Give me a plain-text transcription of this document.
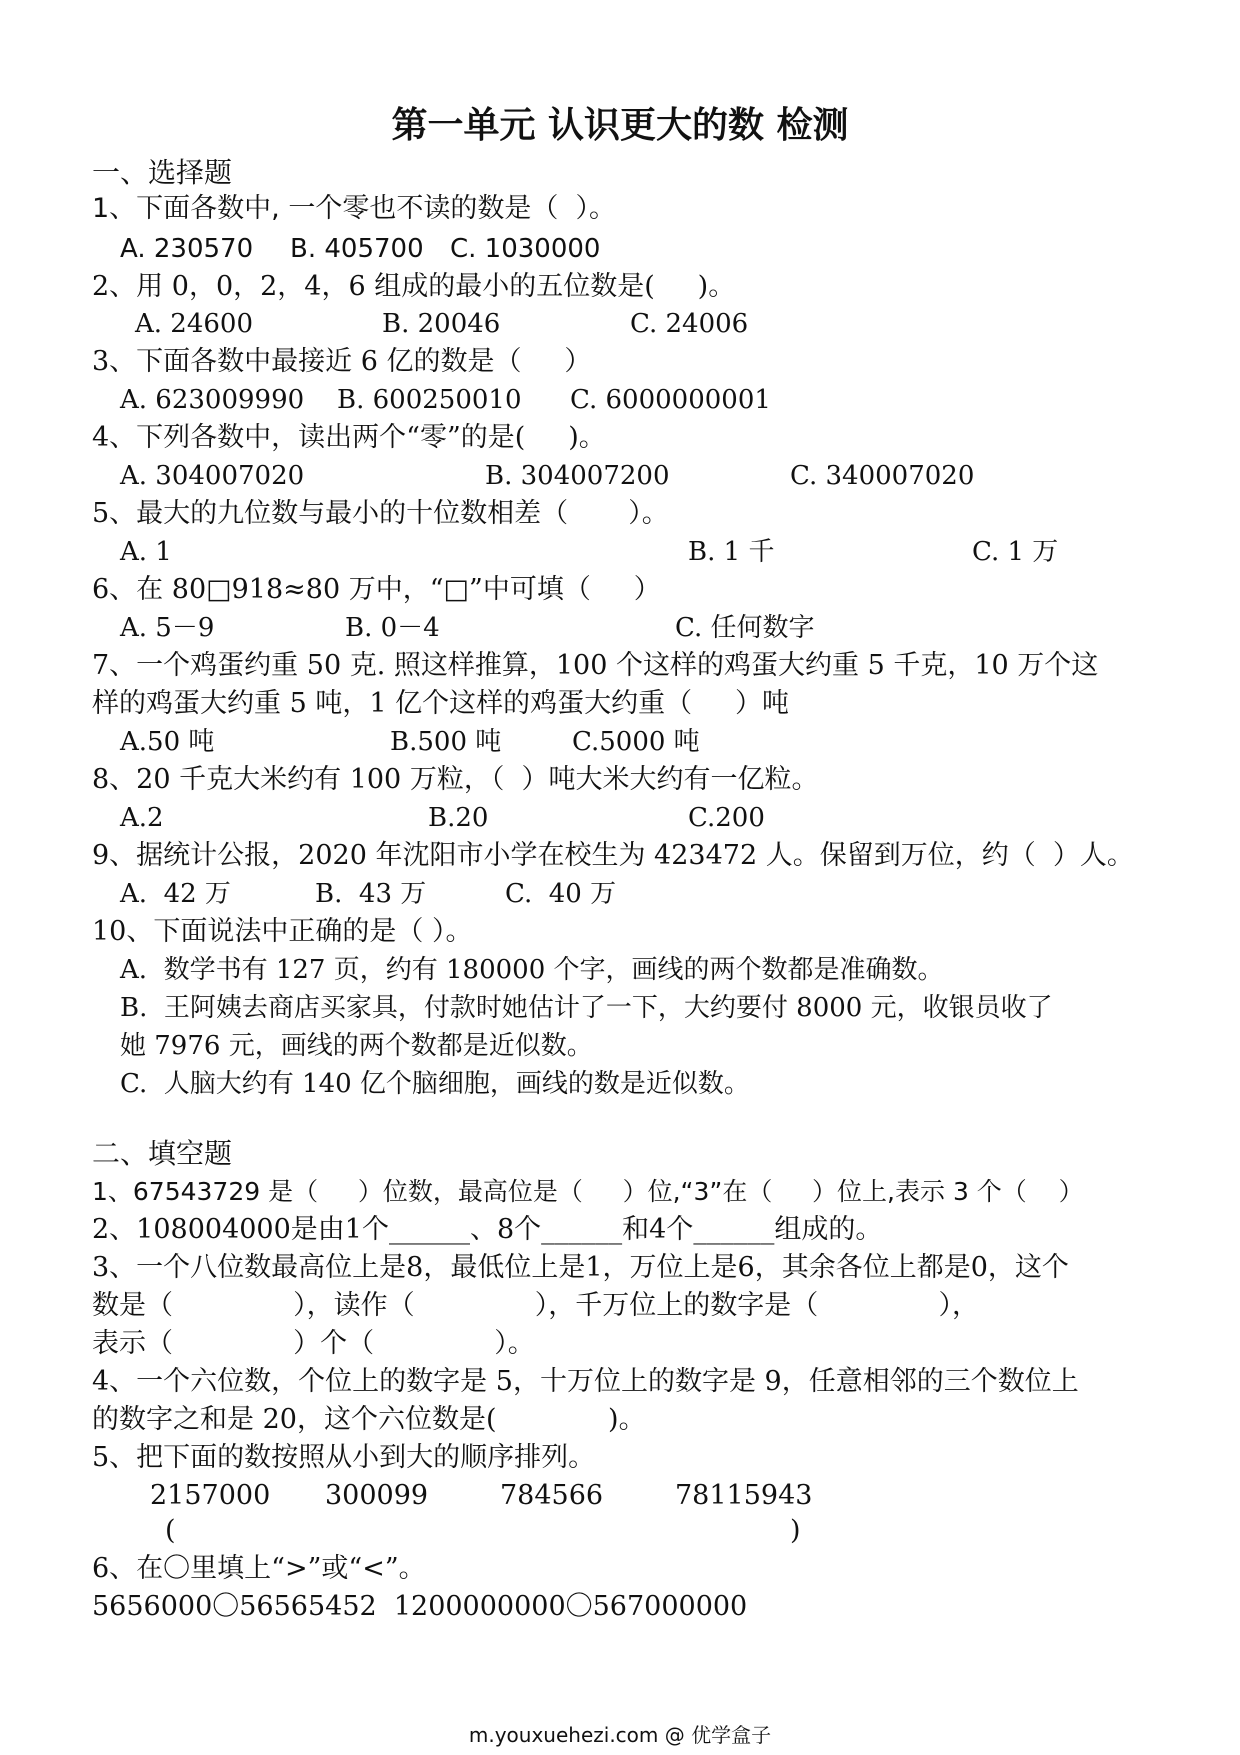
第一单元 认识更大的数 检测
一、选择题
1、下面各数中, 一个零也不读的数是（  ）。
A. 230570 B. 405700 C. 1030000
2、用 0，0，2，4，6 组成的最小的五位数是(     )。
A. 24600	B. 20046	C. 24006
3、下面各数中最接近 6 亿的数是（     ）
A. 623009990 B. 600250010 C. 6000000001
4、下列各数中，读出两个“零”的是(     )。
A. 304007020	B. 304007200	C. 340007020
5、最大的九位数与最小的十位数相差（       ）。
A. 1	B. 1 千	C. 1 万
6、在 80□918≈80 万中，“□”中可填（     ）
A. 5－9	B. 0－4	C. 任何数字
7、一个鸡蛋约重 50 克. 照这样推算，100 个这样的鸡蛋大约重 5 千克，10 万个这
样的鸡蛋大约重 5 吨，1 亿个这样的鸡蛋大约重（     ）吨
A.50 吨	B.500 吨	C.5000 吨
8、20 千克大米约有 100 万粒，（  ）吨大米大约有一亿粒。
A.2	B.20	C.200
9、据统计公报，2020 年沈阳市小学在校生为 423472 人。保留到万位，约（  ）人。
A.  42 万	B.  43 万	C.  40 万
10、下面说法中正确的是（ ）。
A.  数学书有 127 页，约有 180000 个字，画线的两个数都是准确数。
B.  王阿姨去商店买家具，付款时她估计了一下，大约要付 8000 元，收银员收了
她 7976 元，画线的两个数都是近似数。
C.  人脑大约有 140 亿个脑细胞，画线的数是近似数。
二、填空题
1、67543729 是（     ）位数，最高位是（     ）位,“3”在（     ）位上,表示 3 个（    ）
2、108004000是由1个______、8个______和4个______组成的。
3、一个八位数最高位上是8，最低位上是1，万位上是6，其余各位上都是0，这个
数是（              ），读作（              ），千万位上的数字是（              ），
表示（              ）个（              ）。
4、一个六位数，个位上的数字是 5，十万位上的数字是 9，任意相邻的三个数位上
的数字之和是 20，这个六位数是(             )。
5、把下面的数按照从小到大的顺序排列。
2157000 300099	784566	78115943
(	)
6、在〇里填上“>”或“<”。
5656000〇56565452  1200000000〇567000000
m.youxuehezi.com @ 优学盒子
